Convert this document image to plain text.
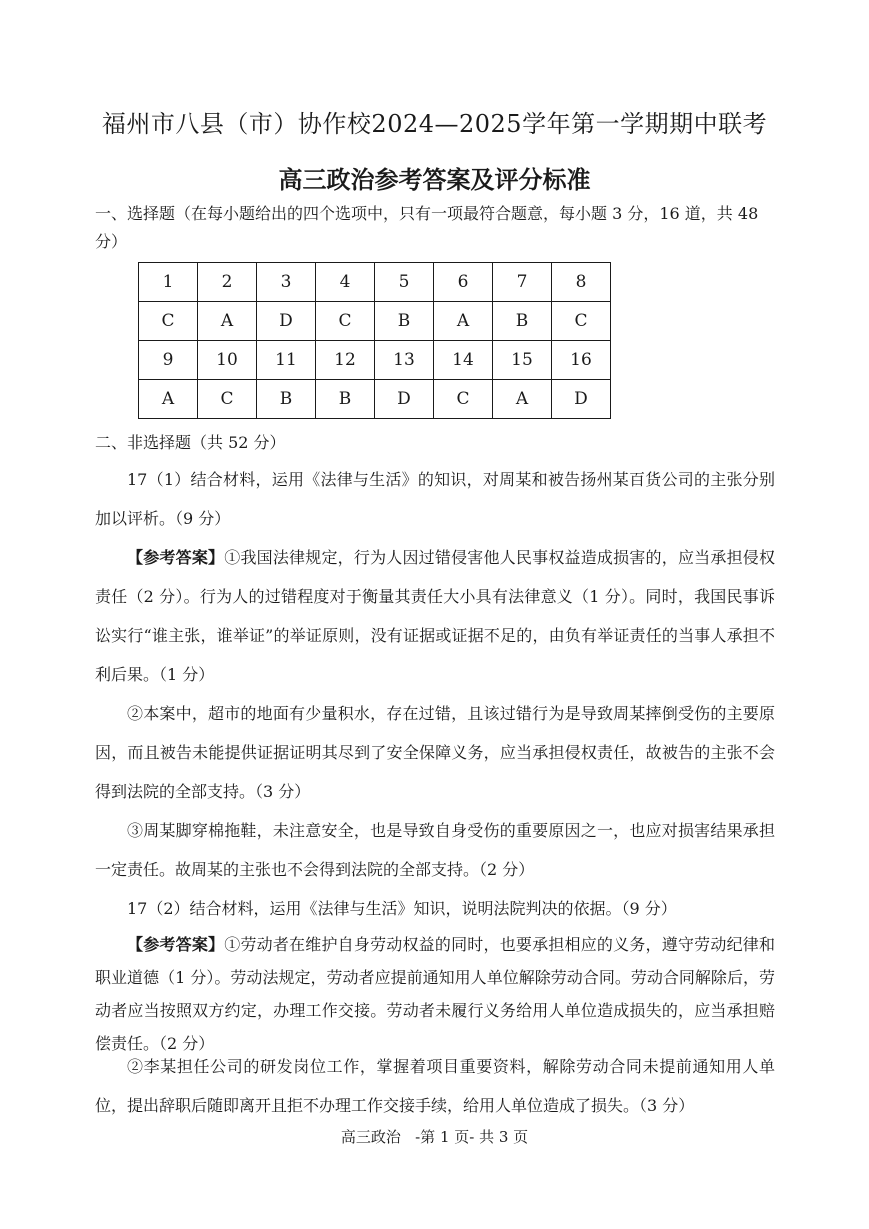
福州市八县（市）协作校2024—2025学年第一学期期中联考
高三政治参考答案及评分标准
一、选择题（在每小题给出的四个选项中，只有一项最符合题意，每小题 3 分，16 道，共 48 分）
1	2	3	4	5	6	7	8
C	A	D	C	B	A	B	C
9	10	11	12	13	14	15	16
A	C	B	B	D	C	A	D
二、非选择题（共 52 分）
17（1）结合材料，运用《法律与生活》的知识，对周某和被告扬州某百货公司的主张分别加以评析。（9 分）
【参考答案】①我国法律规定，行为人因过错侵害他人民事权益造成损害的，应当承担侵权责任（2 分）。行为人的过错程度对于衡量其责任大小具有法律意义（1 分）。同时，我国民事诉讼实行“谁主张，谁举证”的举证原则，没有证据或证据不足的，由负有举证责任的当事人承担不利后果。（1 分）
②本案中，超市的地面有少量积水，存在过错，且该过错行为是导致周某摔倒受伤的主要原因，而且被告未能提供证据证明其尽到了安全保障义务，应当承担侵权责任，故被告的主张不会得到法院的全部支持。（3 分）
③周某脚穿棉拖鞋，未注意安全，也是导致自身受伤的重要原因之一，也应对损害结果承担一定责任。故周某的主张也不会得到法院的全部支持。（2 分）
17（2）结合材料，运用《法律与生活》知识，说明法院判决的依据。（9 分）
【参考答案】①劳动者在维护自身劳动权益的同时，也要承担相应的义务，遵守劳动纪律和职业道德（1 分）。劳动法规定，劳动者应提前通知用人单位解除劳动合同。劳动合同解除后，劳动者应当按照双方约定，办理工作交接。劳动者未履行义务给用人单位造成损失的，应当承担赔偿责任。（2 分）
②李某担任公司的研发岗位工作，掌握着项目重要资料，解除劳动合同未提前通知用人单位，提出辞职后随即离开且拒不办理工作交接手续，给用人单位造成了损失。（3 分）
高三政治   -第 1 页- 共 3 页
